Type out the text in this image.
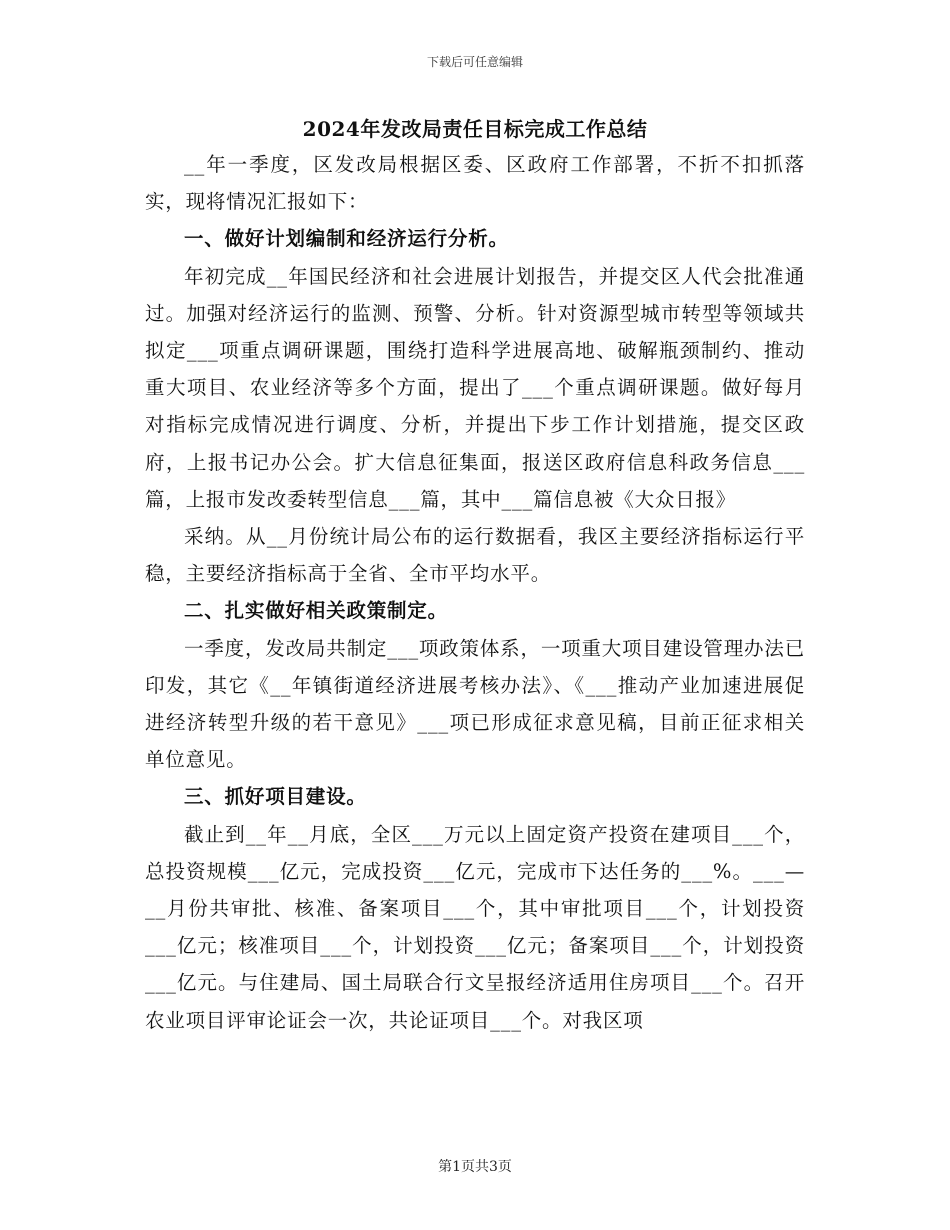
下载后可任意编辑
2024年发改局责任目标完成工作总结

__年一季度，区发改局根据区委、区政府工作部署，不折不扣抓落实，现将情况汇报如下：

一、做好计划编制和经济运行分析。

年初完成__年国民经济和社会进展计划报告，并提交区人代会批准通过。加强对经济运行的监测、预警、分析。针对资源型城市转型等领域共拟定___项重点调研课题，围绕打造科学进展高地、破解瓶颈制约、推动重大项目、农业经济等多个方面，提出了___个重点调研课题。做好每月对指标完成情况进行调度、分析，并提出下步工作计划措施，提交区政府，上报书记办公会。扩大信息征集面，报送区政府信息科政务信息___篇，上报市发改委转型信息___篇，其中___篇信息被《大众日报》

采纳。从__月份统计局公布的运行数据看，我区主要经济指标运行平稳，主要经济指标高于全省、全市平均水平。

二、扎实做好相关政策制定。

一季度，发改局共制定___项政策体系，一项重大项目建设管理办法已印发，其它《__年镇街道经济进展考核办法》、《___推动产业加速进展促进经济转型升级的若干意见》___项已形成征求意见稿，目前正征求相关单位意见。

三、抓好项目建设。

截止到__年__月底，全区___万元以上固定资产投资在建项目___个，总投资规模___亿元，完成投资___亿元，完成市下达任务的___%。___—__月份共审批、核准、备案项目___个，其中审批项目___个，计划投资___亿元；核准项目___个，计划投资___亿元；备案项目___个，计划投资___亿元。与住建局、国土局联合行文呈报经济适用住房项目___个。召开农业项目评审论证会一次，共论证项目___个。对我区项

第1页共3页
